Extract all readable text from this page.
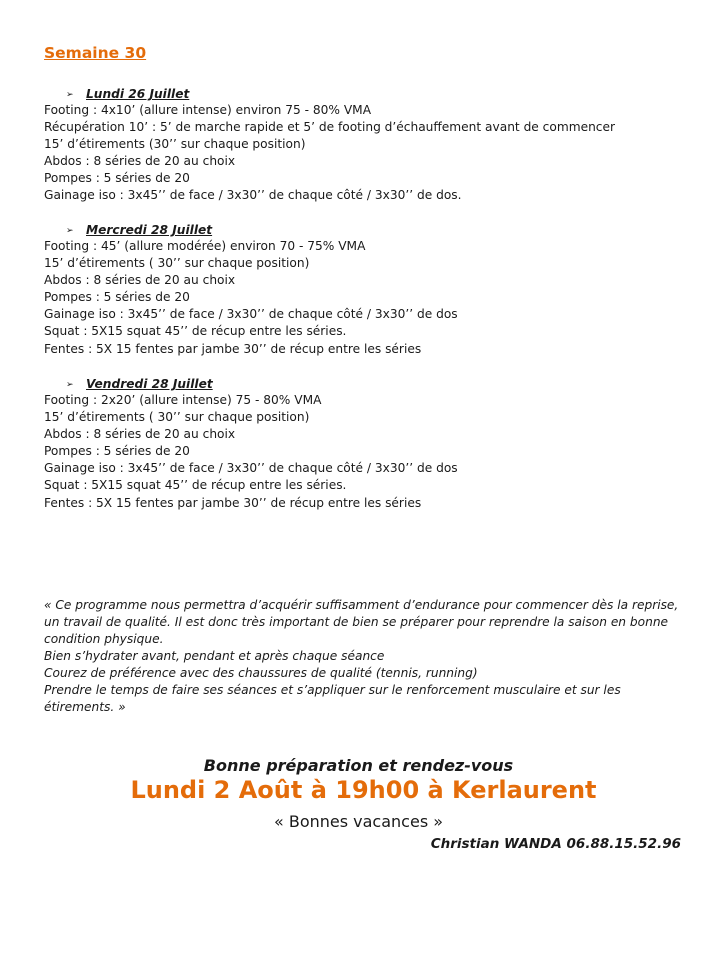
Semaine 30
➢ Lundi 26 Juillet
Footing : 4x10’ (allure intense) environ 75 - 80% VMA
Récupération 10’ : 5’ de marche rapide et 5’ de footing d’échauffement avant de commencer
15’ d’étirements (30’’ sur chaque position)
Abdos : 8 séries de 20 au choix
Pompes : 5 séries de 20
Gainage iso : 3x45’’ de face / 3x30’’ de chaque côté / 3x30’’ de dos.
➢ Mercredi 28 Juillet
Footing : 45’ (allure modérée) environ 70 - 75% VMA
15’ d’étirements ( 30’’ sur chaque position)
Abdos : 8 séries de 20 au choix
Pompes : 5 séries de 20
Gainage iso : 3x45’’ de face / 3x30’’ de chaque côté / 3x30’’ de dos
Squat : 5X15 squat 45’’ de récup entre les séries.
Fentes : 5X 15 fentes par jambe 30’’ de récup entre les séries
➢ Vendredi 28 Juillet
Footing : 2x20’ (allure intense) 75 - 80% VMA
15’ d’étirements ( 30’’ sur chaque position)
Abdos : 8 séries de 20 au choix
Pompes : 5 séries de 20
Gainage iso : 3x45’’ de face / 3x30’’ de chaque côté / 3x30’’ de dos
Squat : 5X15 squat 45’’ de récup entre les séries.
Fentes : 5X 15 fentes par jambe 30’’ de récup entre les séries
« Ce programme nous permettra d’acquérir suffisamment d’endurance pour commencer dès la reprise,
un travail de qualité. Il est donc très important de bien se préparer pour reprendre la saison en bonne
condition physique.
Bien s’hydrater avant, pendant et après chaque séance
Courez de préférence avec des chaussures de qualité (tennis, running)
Prendre le temps de faire ses séances et s’appliquer sur le renforcement musculaire et sur les
étirements. »
Bonne préparation et rendez-vous
Lundi 2 Août à 19h00 à Kerlaurent
« Bonnes vacances »
Christian WANDA 06.88.15.52.96
